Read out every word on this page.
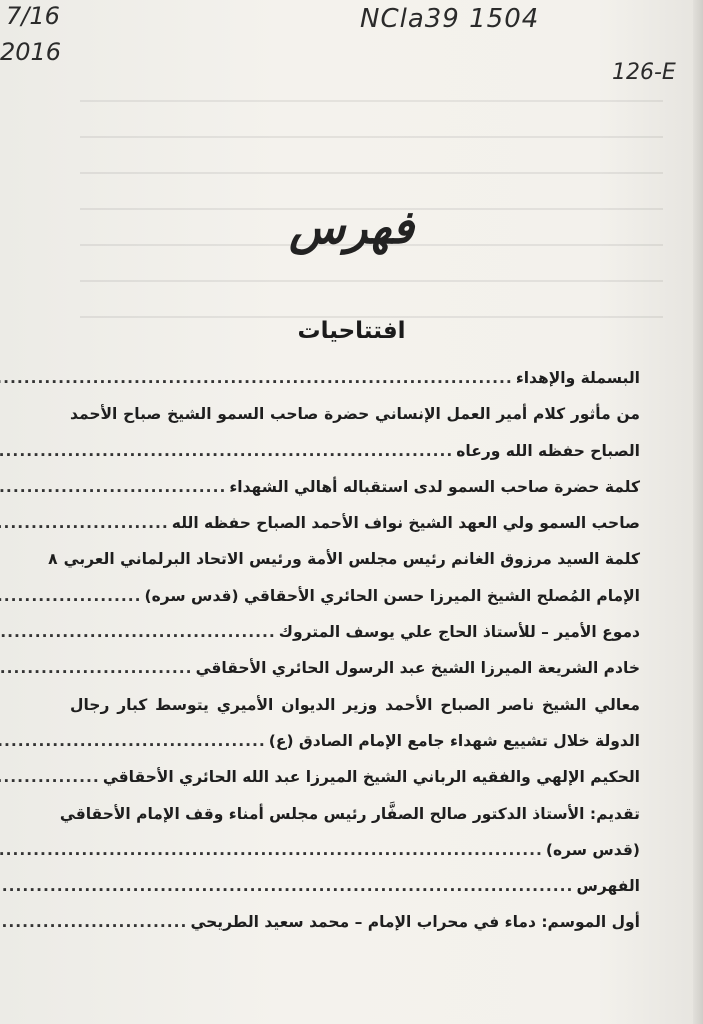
7/16
2016
NCla39 1504
126-E
فهرس
افتتاحيات
البسملة والإهداء
.....
من مأثور كلام أمير العمل الإنساني حضرة صاحب السمو الشيخ صباح الأحمد
الصباح حفظه الله ورعاه
.....
كلمة حضرة صاحب السمو لدى استقباله أهالي الشهداء
.....
صاحب السمو ولي العهد الشيخ نواف الأحمد الصباح حفظه الله
.....
كلمة السيد مرزوق الغانم رئيس مجلس الأمة ورئيس الاتحاد البرلماني العربي
٨
الإمام المُصلح الشيخ الميرزا حسن الحائري الأحقاقي (قدس سره)
.....
دموع الأمير – للأستاذ الحاج علي يوسف المتروك
.....
خادم الشريعة الميرزا الشيخ عبد الرسول الحائري الأحقاقي
.....
معالي الشيخ ناصر الصباح الأحمد وزير الديوان الأميري يتوسط كبار رجال
الدولة خلال تشييع شهداء جامع الإمام الصادق (ع)
.....
الحكيم الإلهي والفقيه الرباني الشيخ الميرزا عبد الله الحائري الأحقاقي
.....
تقديم: الأستاذ الدكتور صالح الصفَّار رئيس مجلس أمناء وقف الإمام الأحقاقي
(قدس سره)
.....
الفهرس
.....
أول الموسم: دماء في محراب الإمام – محمد سعيد الطريحي
.....
